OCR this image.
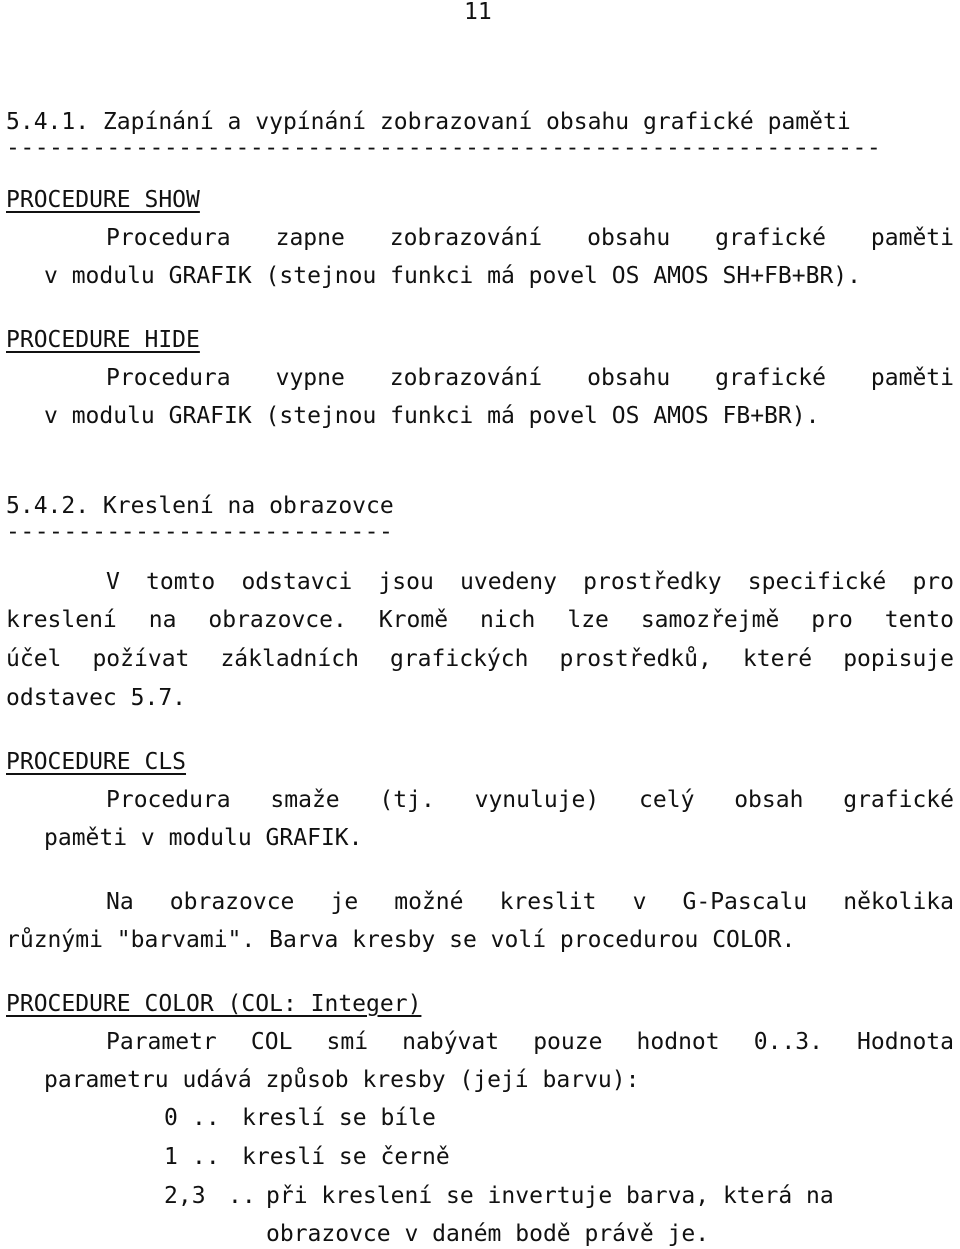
11
5.4.1. Zapínání a vypínání zobrazovaní obsahu grafické paměti
-------------------------------------------------------------
PROCEDURE SHOW
Procedura zapne zobrazování obsahu grafické paměti
v modulu GRAFIK (stejnou funkci má povel OS AMOS SH+FB+BR).
PROCEDURE HIDE
Procedura vypne zobrazování obsahu grafické paměti
v modulu GRAFIK (stejnou funkci má povel OS AMOS FB+BR).
5.4.2. Kreslení na obrazovce
---------------------------
V tomto odstavci jsou uvedeny prostředky specifické pro
kreslení na obrazovce. Kromě nich lze samozřejmě pro tento
účel požívat základních grafických prostředků, které popisuje
odstavec 5.7.
PROCEDURE CLS
Procedura smaže (tj. vynuluje) celý obsah grafické
paměti v modulu GRAFIK.
Na obrazovce je možné kreslit v G-Pascalu několika
různými "barvami". Barva kresby se volí procedurou COLOR.
PROCEDURE COLOR (COL: Integer)
Parametr COL smí nabývat pouze hodnot 0..3. Hodnota
parametru udává způsob kresby (její barvu):
0 .. kreslí se bíle
1 .. kreslí se černě
2,3 .. při kreslení se invertuje barva, která na
obrazovce v daném bodě právě je.
